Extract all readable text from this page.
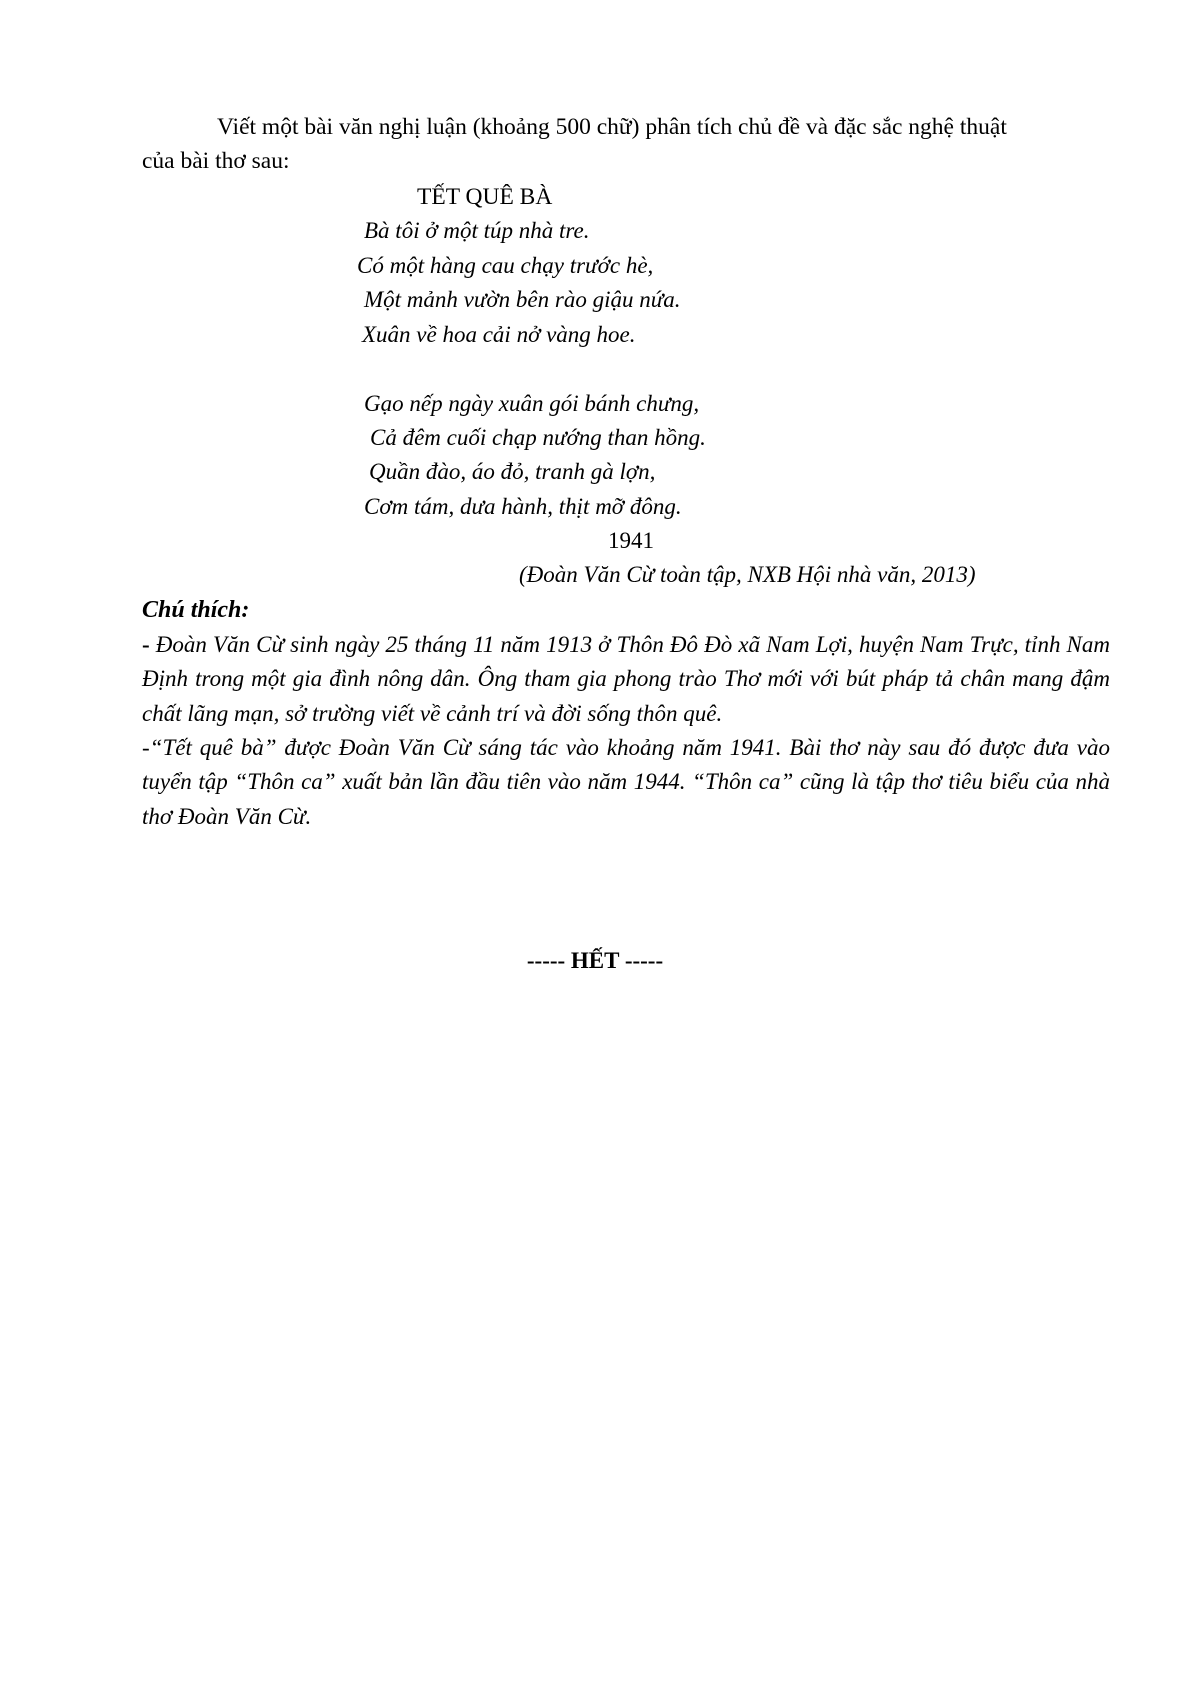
Viết một bài văn nghị luận (khoảng 500 chữ) phân tích chủ đề và đặc sắc nghệ thuật
của bài thơ sau:
TẾT QUÊ BÀ
Bà tôi ở một túp nhà tre.
Có một hàng cau chạy trước hè,
Một mảnh vườn bên rào giậu nứa.
Xuân về hoa cải nở vàng hoe.
Gạo nếp ngày xuân gói bánh chưng,
Cả đêm cuối chạp nướng than hồng.
Quần đào, áo đỏ, tranh gà lợn,
Cơm tám, dưa hành, thịt mỡ đông.
1941
(Đoàn Văn Cừ toàn tập, NXB Hội nhà văn, 2013)
Chú thích:
- Đoàn Văn Cừ sinh ngày 25 tháng 11 năm 1913 ở Thôn Đô Đò xã Nam Lợi, huyện Nam Trực, tỉnh Nam Định trong một gia đình nông dân. Ông tham gia phong trào Thơ mới với bút pháp tả chân mang đậm chất lãng mạn, sở trường viết về cảnh trí và đời sống thôn quê.
-“Tết quê bà” được Đoàn Văn Cừ sáng tác vào khoảng năm 1941. Bài thơ này sau đó được đưa vào tuyển tập “Thôn ca” xuất bản lần đầu tiên vào năm 1944. “Thôn ca” cũng là tập thơ tiêu biểu của nhà thơ Đoàn Văn Cừ.
----- HẾT -----
